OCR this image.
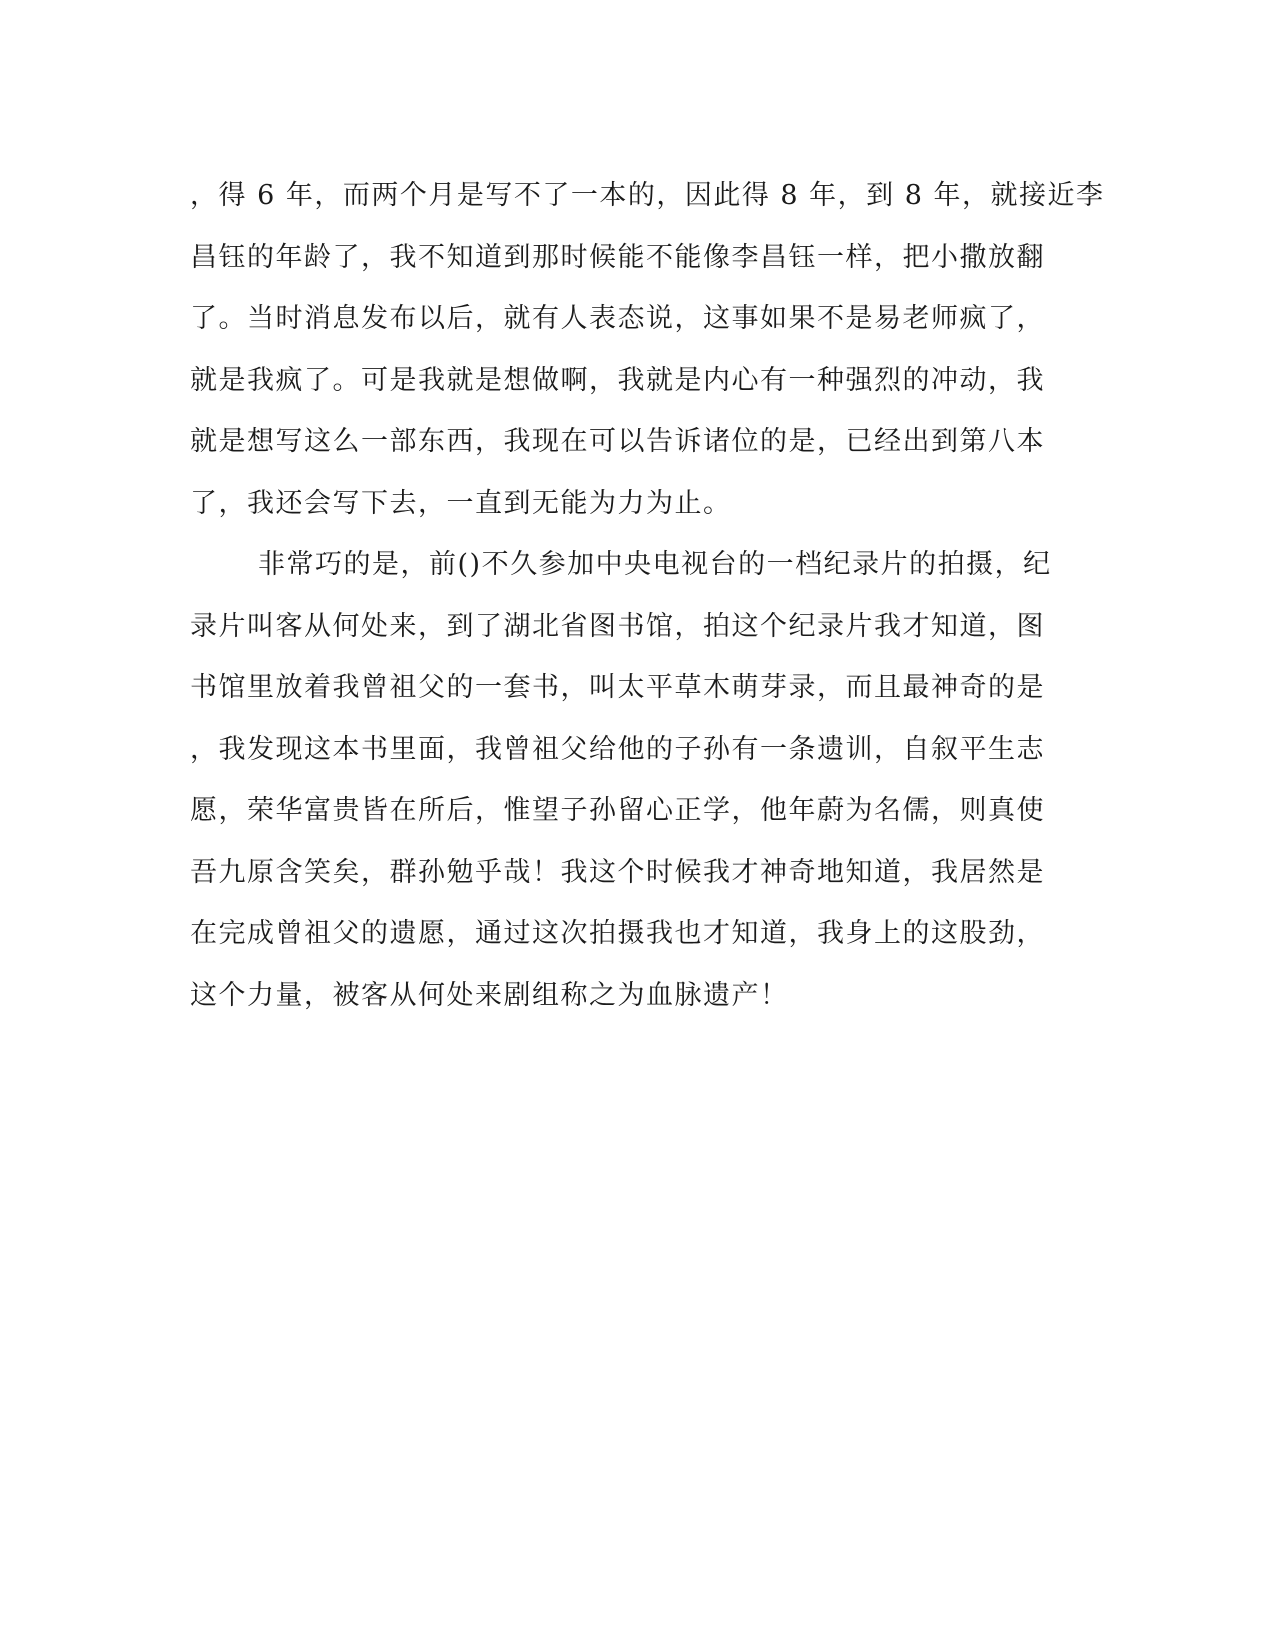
，得 6 年，而两个月是写不了一本的，因此得 8 年，到 8 年，就接近李
昌钰的年龄了，我不知道到那时候能不能像李昌钰一样，把小撒放翻
了。当时消息发布以后，就有人表态说，这事如果不是易老师疯了，
就是我疯了。可是我就是想做啊，我就是内心有一种强烈的冲动，我
就是想写这么一部东西，我现在可以告诉诸位的是，已经出到第八本
了，我还会写下去，一直到无能为力为止。
非常巧的是，前()不久参加中央电视台的一档纪录片的拍摄，纪
录片叫客从何处来，到了湖北省图书馆，拍这个纪录片我才知道，图
书馆里放着我曾祖父的一套书，叫太平草木萌芽录，而且最神奇的是
，我发现这本书里面，我曾祖父给他的子孙有一条遗训，自叙平生志
愿，荣华富贵皆在所后，惟望子孙留心正学，他年蔚为名儒，则真使
吾九原含笑矣，群孙勉乎哉！我这个时候我才神奇地知道，我居然是
在完成曾祖父的遗愿，通过这次拍摄我也才知道，我身上的这股劲，
这个力量，被客从何处来剧组称之为血脉遗产！
